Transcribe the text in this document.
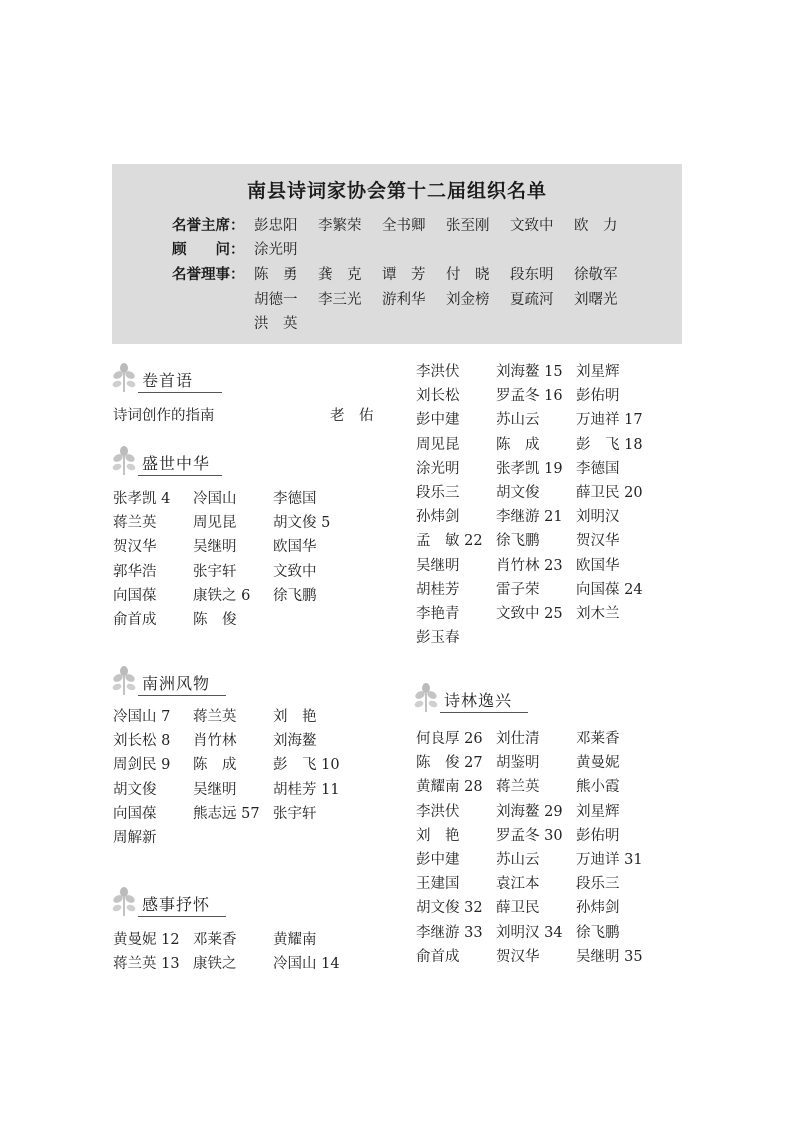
南县诗词家协会第十二届组织名单
名誉主席： 彭忠阳 李繁荣 全书卿 张至刚 文致中 欧　力
顾　　问： 涂光明
名誉理事： 陈　勇 龚　克 谭　芳 付　晓 段东明 徐敬军
胡德一 李三光 游利华 刘金榜 夏疏河 刘曙光
洪　英
卷首语
诗词创作的指南	老　佑
盛世中华
张孝凯 4 冷国山	李德国
蒋兰英	周见昆	胡文俊 5
贺汉华	吴继明	欧国华
郭华浩	张宇轩	文致中
向国葆	康铁之 6 徐飞鹏
俞首成	陈　俊
南洲风物
冷国山 7 蒋兰英	刘　艳
刘长松 8 肖竹林	刘海鳌
周剑民 9 陈　成	彭　飞 10
胡文俊	吴继明	胡桂芳 11
向国葆	熊志远 57 张宇轩
周解新
感事抒怀
黄曼妮 12 邓莱香	黄耀南
蒋兰英 13 康铁之	冷国山 14
李洪伏	刘海鳌 15 刘星辉
刘长松	罗孟冬 16 彭佑明
彭中建	苏山云	万迪祥 17
周见昆	陈　成	彭　飞 18
涂光明	张孝凯 19 李德国
段乐三	胡文俊	薛卫民 20
孙炜剑	李继游 21 刘明汉
孟　敏 22 徐飞鹏	贺汉华
吴继明	肖竹林 23 欧国华
胡桂芳	雷子荣	向国葆 24
李艳青	文致中 25 刘木兰
彭玉春
诗林逸兴
何良厚 26 刘仕清	邓莱香
陈　俊 27 胡鉴明	黄曼妮
黄耀南 28 蒋兰英	熊小霞
李洪伏	刘海鳌 29 刘星辉
刘　艳	罗孟冬 30 彭佑明
彭中建	苏山云	万迪详 31
王建国	袁江本	段乐三
胡文俊 32 薛卫民	孙炜剑
李继游 33 刘明汉 34 徐飞鹏
俞首成	贺汉华	吴继明 35
